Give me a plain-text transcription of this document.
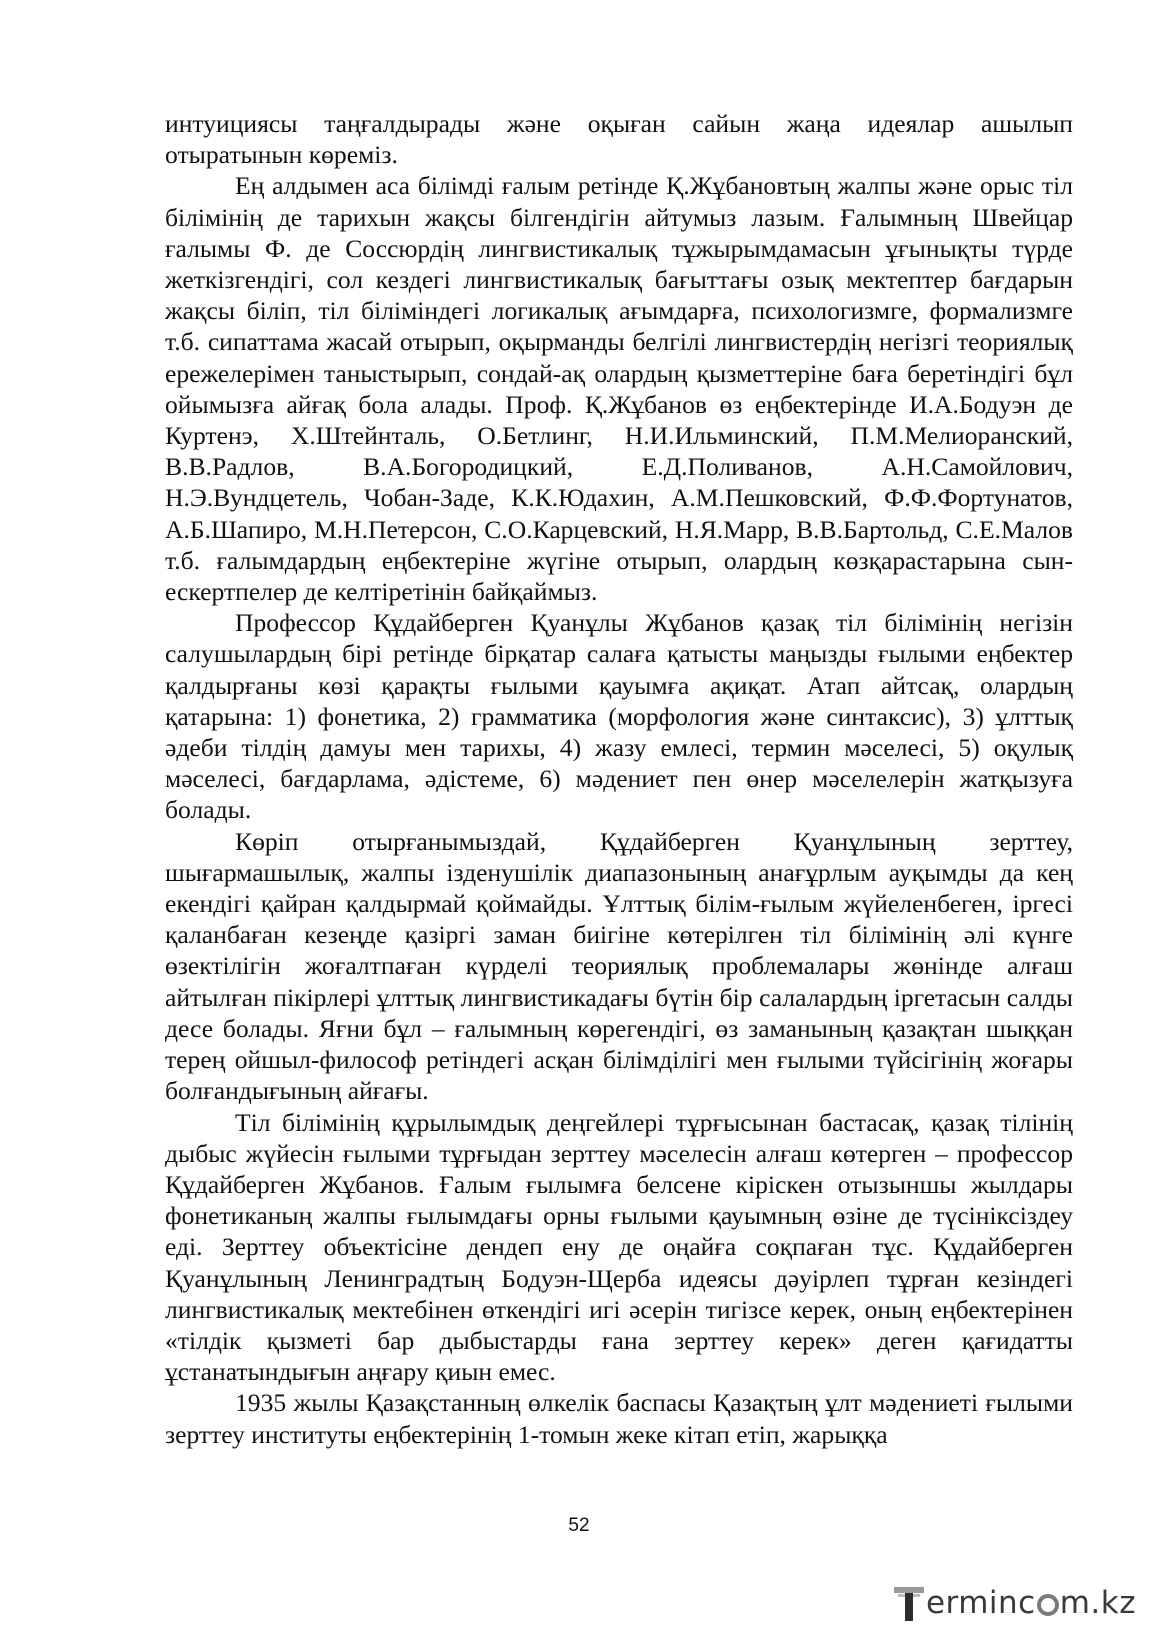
интуициясы таңғалдырады және оқыған сайын жаңа идеялар ашылып отыратынын көреміз.

Ең алдымен аса білімді ғалым ретінде Қ.Жұбановтың жалпы және орыс тіл білімінің де тарихын жақсы білгендігін айтумыз лазым. Ғалымның Швейцар ғалымы Ф. де Соссюрдің лингвистикалық тұжырымдамасын ұғынықты түрде жеткізгендігі, сол кездегі лингвистикалық бағыттағы озық мектептер бағдарын жақсы біліп, тіл біліміндегі логикалық ағымдарға, психологизмге, формализмге т.б. сипаттама жасай отырып, оқырманды белгілі лингвистердің негізгі теориялық ережелерімен таныстырып, сондай-ақ олардың қызметтеріне баға беретіндігі бұл ойымызға айғақ бола алады. Проф. Қ.Жұбанов өз еңбектерінде И.А.Бодуэн де Куртенэ, Х.Штейнталь, О.Бетлинг, Н.И.Ильминский, П.М.Мелиоранский, В.В.Радлов, В.А.Богородицкий, Е.Д.Поливанов, А.Н.Самойлович, Н.Э.Вундцетель, Чобан-Заде, К.К.Юдахин, А.М.Пешковский, Ф.Ф.Фортунатов, А.Б.Шапиро, М.Н.Петерсон, С.О.Карцевский, Н.Я.Марр, В.В.Бартольд, С.Е.Малов т.б. ғалымдардың еңбектеріне жүгіне отырып, олардың көзқарастарына сын-ескертпелер де келтіретінін байқаймыз.

Профессор Құдайберген Қуанұлы Жұбанов қазақ тіл білімінің негізін салушылардың бірі ретінде бірқатар салаға қатысты маңызды ғылыми еңбектер қалдырғаны көзі қарақты ғылыми қауымға ақиқат. Атап айтсақ, олардың қатарына: 1) фонетика, 2) грамматика (морфология және синтаксис), 3) ұлттық әдеби тілдің дамуы мен тарихы, 4) жазу емлесі, термин мәселесі, 5) оқулық мәселесі, бағдарлама, әдістеме, 6) мәдениет пен өнер мәселелерін жатқызуға болады.

Көріп отырғанымыздай, Құдайберген Қуанұлының зерттеу, шығармашылық, жалпы ізденушілік диапазонының анағұрлым ауқымды да кең екендігі қайран қалдырмай қоймайды. Ұлттық білім-ғылым жүйеленбеген, іргесі қаланбаған кезеңде қазіргі заман биігіне көтерілген тіл білімінің әлі күнге өзектілігін жоғалтпаған күрделі теориялық проблемалары жөнінде алғаш айтылған пікірлері ұлттық лингвистикадағы бүтін бір салалардың іргетасын салды десе болады. Яғни бұл – ғалымның көрегендігі, өз заманының қазақтан шыққан терең ойшыл-философ ретіндегі асқан білімділігі мен ғылыми түйсігінің жоғары болғандығының айғағы.

Тіл білімінің құрылымдық деңгейлері тұрғысынан бастасақ, қазақ тілінің дыбыс жүйесін ғылыми тұрғыдан зерттеу мәселесін алғаш көтерген – профессор Құдайберген Жұбанов. Ғалым ғылымға белсене кіріскен отызыншы жылдары фонетиканың жалпы ғылымдағы орны ғылыми қауымның өзіне де түсініксіздеу еді. Зерттеу объектісіне дендеп ену де оңайға соқпаған тұс. Құдайберген Қуанұлының Ленинградтың Бодуэн-Щерба идеясы дәуірлеп тұрған кезіндегі лингвистикалық мектебінен өткендігі игі әсерін тигізсе керек, оның еңбектерінен «тілдік қызметі бар дыбыстарды ғана зерттеу керек» деген қағидатты ұстанатындығын аңғару қиын емес.

1935 жылы Қазақстанның өлкелік баспасы Қазақтың ұлт мәдениеті ғылыми зерттеу институты еңбектерінің 1-томын жеке кітап етіп, жарыққа

52
ermin c m.kz
